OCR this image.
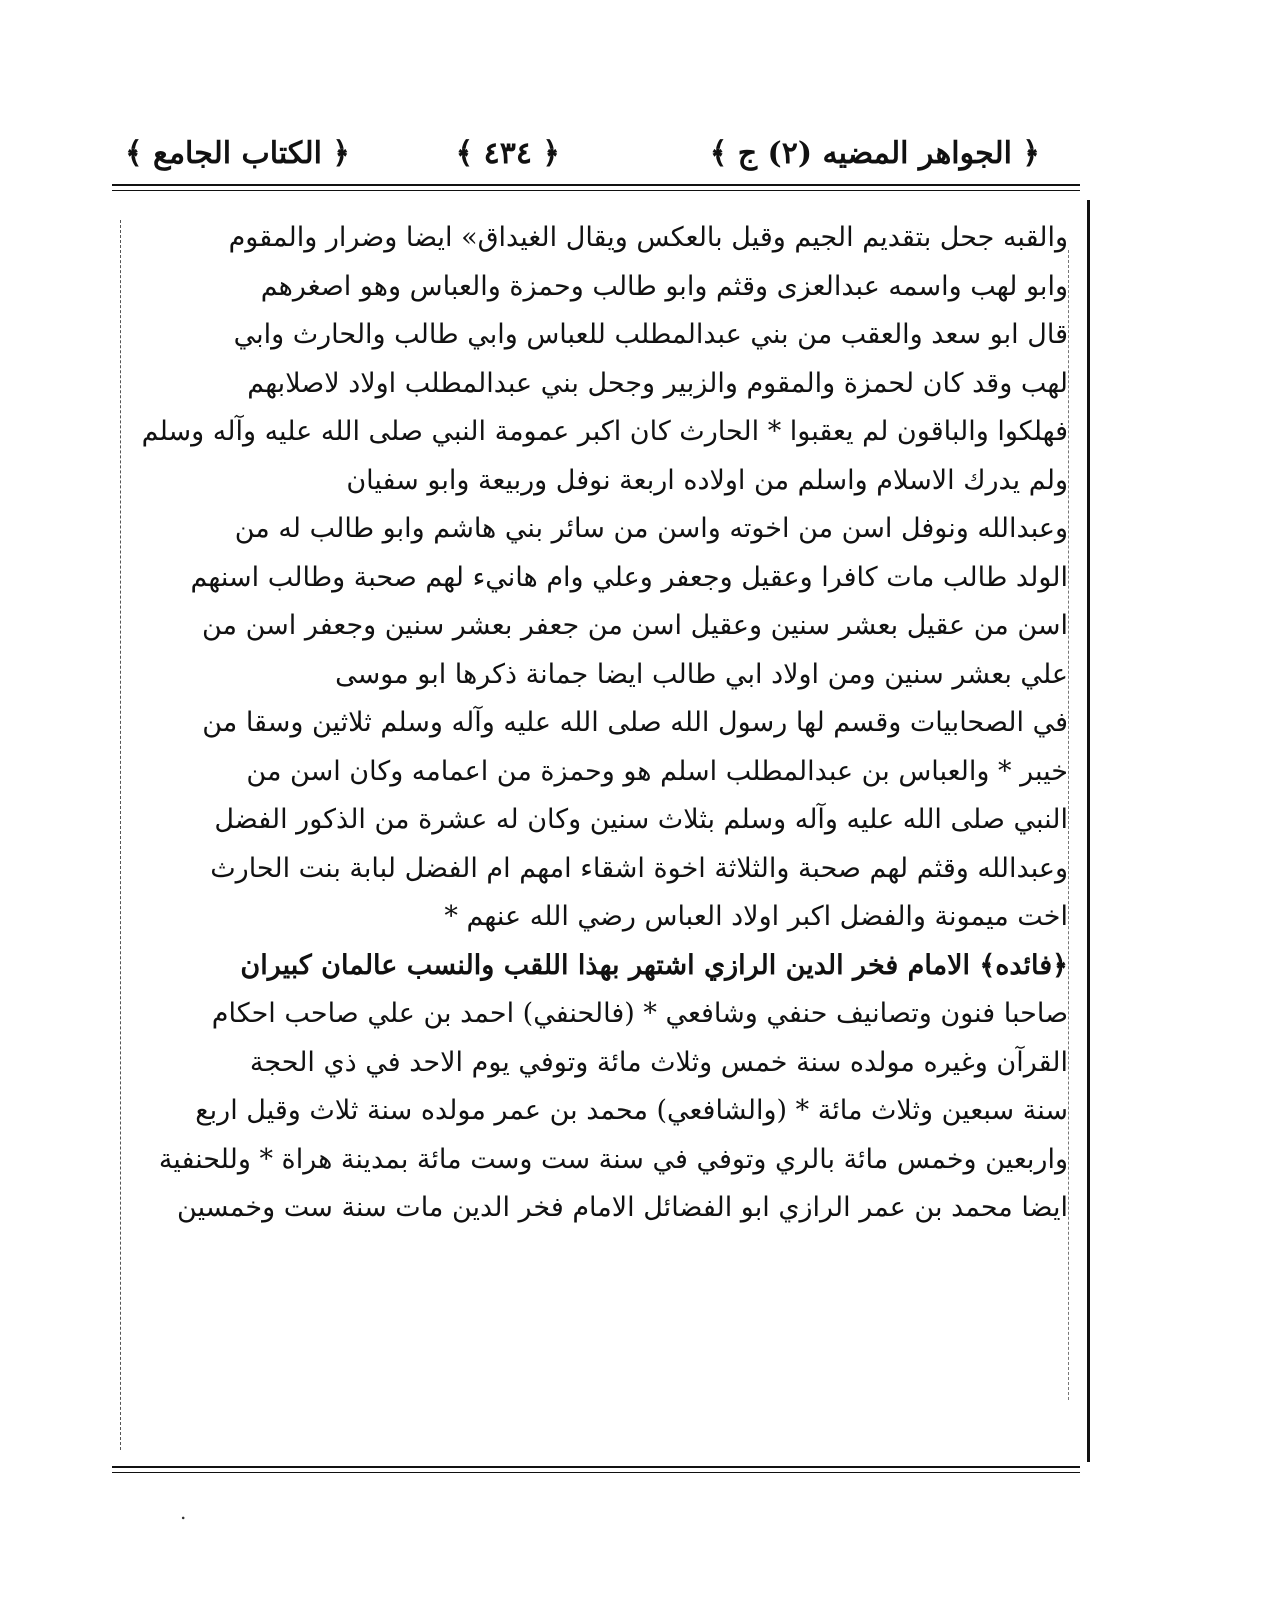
﴿ الجواهر المضيه (٢) ج ﴾
﴿ ٤٣٤ ﴾
﴿ الكتاب الجامع ﴾
والقبه جحل بتقديم الجيم وقيل بالعكس ويقال الغيداق» ايضا وضرار والمقوم
وابو لهب واسمه عبدالعزى وقثم وابو طالب وحمزة والعباس وهو اصغرهم
قال ابو سعد والعقب من بني عبدالمطلب للعباس وابي طالب والحارث وابي
لهب وقد كان لحمزة والمقوم والزبير وجحل بني عبدالمطلب اولاد لاصلابهم
فهلكوا والباقون لم يعقبوا * الحارث كان اكبر عمومة النبي صلى الله عليه وآله وسلم
ولم يدرك الاسلام واسلم من اولاده اربعة نوفل وربيعة وابو سفيان
وعبدالله ونوفل اسن من اخوته واسن من سائر بني هاشم وابو طالب له من
الولد طالب مات كافرا وعقيل وجعفر وعلي وام هانيء لهم صحبة وطالب اسنهم
اسن من عقيل بعشر سنين وعقيل اسن من جعفر بعشر سنين وجعفر اسن من
علي بعشر سنين ومن اولاد ابي طالب ايضا جمانة ذكرها ابو موسى
في الصحابيات وقسم لها رسول الله صلى الله عليه وآله وسلم ثلاثين وسقا من
خيبر * والعباس بن عبدالمطلب اسلم هو وحمزة من اعمامه وكان اسن من
النبي صلى الله عليه وآله وسلم بثلاث سنين وكان له عشرة من الذكور الفضل
وعبدالله وقثم لهم صحبة والثلاثة اخوة اشقاء امهم ام الفضل لبابة بنت الحارث
اخت ميمونة والفضل اكبر اولاد العباس رضي الله عنهم *
﴿فائده﴾ الامام فخر الدين الرازي اشتهر بهذا اللقب والنسب عالمان كبيران
صاحبا فنون وتصانيف حنفي وشافعي * (فالحنفي) احمد بن علي صاحب احكام
القرآن وغيره مولده سنة خمس وثلاث مائة وتوفي يوم الاحد في ذي الحجة
سنة سبعين وثلاث مائة * (والشافعي) محمد بن عمر مولده سنة ثلاث وقيل اربع
واربعين وخمس مائة بالري وتوفي في سنة ست وست مائة بمدينة هراة * وللحنفية
ايضا محمد بن عمر الرازي ابو الفضائل الامام فخر الدين مات سنة ست وخمسين
.
